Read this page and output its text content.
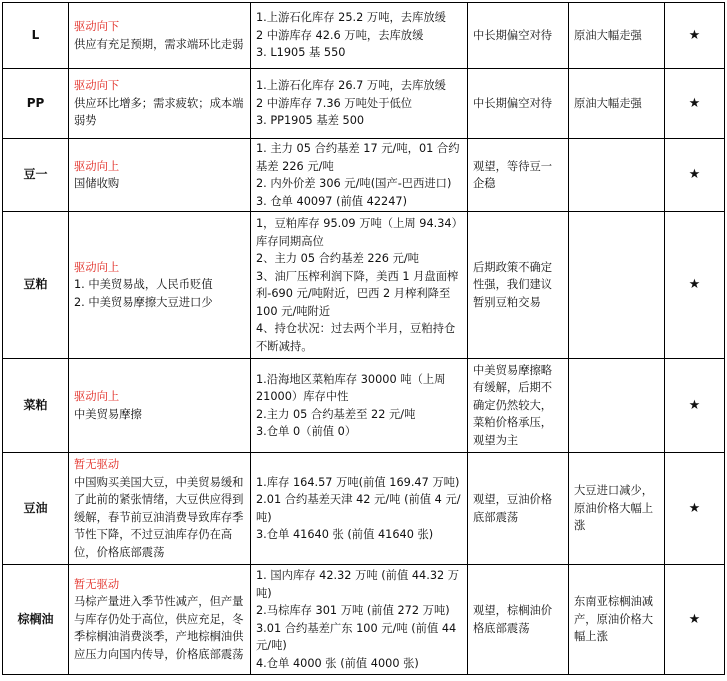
L	驱动向下
供应有充足预期，需求端环比走弱	1.上游石化库存 25.2 万吨，去库放缓
2 中游库存 42.6 万吨，去库放缓
3. L1905 基 550	中长期偏空对待	原油大幅走强	★
PP	驱动向下
供应环比增多；需求疲软；成本端弱势	1.上游石化库存 26.7 万吨，去库放缓
2 中游库存 7.36 万吨处于低位
3. PP1905 基差 500	中长期偏空对待	原油大幅走强	★
豆一	驱动向上
国储收购	1. 主力 05 合约基差 17 元/吨，01 合约基差 226 元/吨
2. 内外价差 306 元/吨(国产-巴西进口)
3. 仓单 40097 (前值 42247)	观望，等待豆一企稳		★
豆粕	驱动向上
1. 中美贸易战，人民币贬值
2. 中美贸易摩擦大豆进口少	1，豆粕库存 95.09 万吨（上周 94.34）库存同期高位
2、主力 05 合约基差 226 元/吨
3、油厂压榨利润下降，美西 1 月盘面榨利-690 元/吨附近，巴西 2 月榨利降至 100 元/吨附近
4、持仓状况：过去两个半月，豆粕持仓不断减持。	后期政策不确定性强，我们建议暂别豆粕交易		★
菜粕	驱动向上
中美贸易摩擦	1.沿海地区菜粕库存 30000 吨（上周 21000）库存中性
2.主力 05 合约基差至 22 元/吨
3.仓单 0（前值 0）	中美贸易摩擦略有缓解，后期不确定仍然较大，菜粕价格承压，观望为主		★
豆油	暂无驱动
中国购买美国大豆，中美贸易缓和了此前的紧张情绪，大豆供应得到缓解，春节前豆油消费导致库存季节性下降，不过豆油库存仍在高位，价格底部震荡	1.库存 164.57 万吨(前值 169.47 万吨)
2.01 合约基差天津 42 元/吨 (前值 4 元/吨)
3.仓单 41640 张 (前值 41640 张)	观望，豆油价格底部震荡	大豆进口减少，原油价格大幅上涨	★
棕榈油	暂无驱动
马棕产量进入季节性减产，但产量与库存仍处于高位，供应充足，冬季棕榈油消费淡季，产地棕榈油供应压力向国内传导，价格底部震荡	1. 国内库存 42.32 万吨 (前值 44.32 万吨)
2.马棕库存 301 万吨 (前值 272 万吨)
3.01 合约基差广东 100 元/吨 (前值 44 元/吨)
4.仓单 4000 张 (前值 4000 张)	观望，棕榈油价格底部震荡	东南亚棕榈油减产，原油价格大幅上涨	★
